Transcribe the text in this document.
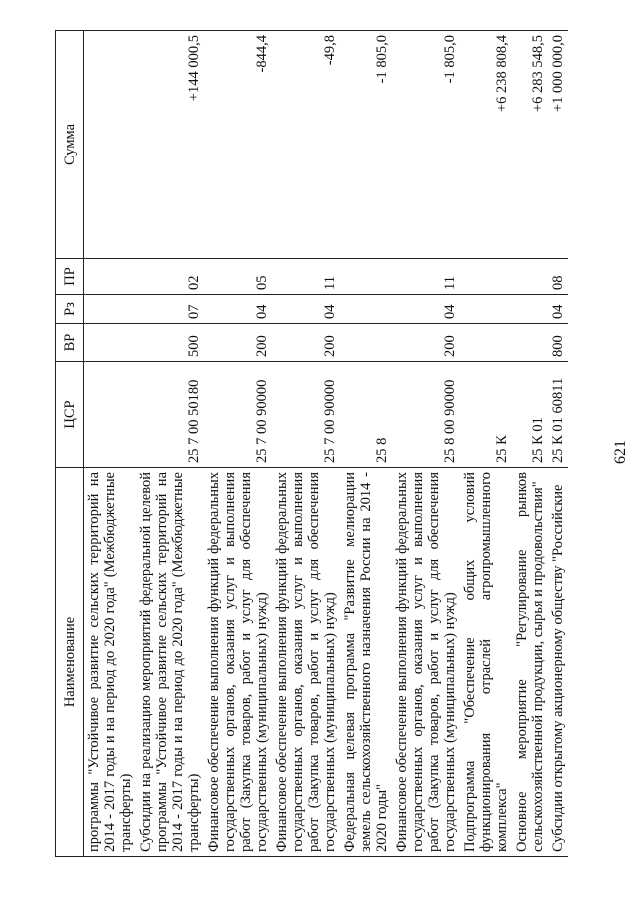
621
Наименование	ЦСР	ВР	Рз	ПР	Сумма
программы "Устойчивое развитие сельских территорий на 2014 - 2017 годы и на период до 2020 года" (Межбюджетные трансферты)					
Субсидии на реализацию мероприятий федеральной целевой программы "Устойчивое развитие сельских территорий на 2014 - 2017 годы и на период до 2020 года" (Межбюджетные трансферты)	25 7 00 50180	500	07	02	+144 000,5
Финансовое обеспечение выполнения функций федеральных государственных органов, оказания услуг и выполнения работ (Закупка товаров, работ и услуг для обеспечения государственных (муниципальных) нужд)	25 7 00 90000	200	04	05	-844,4
Финансовое обеспечение выполнения функций федеральных государственных органов, оказания услуг и выполнения работ (Закупка товаров, работ и услуг для обеспечения государственных (муниципальных) нужд)	25 7 00 90000	200	04	11	-49,8
Федеральная целевая программа "Развитие мелиорации земель сельскохозяйственного назначения России на 2014 - 2020 годы"	25 8				-1 805,0
Финансовое обеспечение выполнения функций федеральных государственных органов, оказания услуг и выполнения работ (Закупка товаров, работ и услуг для обеспечения государственных (муниципальных) нужд)	25 8 00 90000	200	04	11	-1 805,0
Подпрограмма "Обеспечение общих условий функционирования отраслей агропромышленного комплекса"	25 К				+6 238 808,4
Основное мероприятие "Регулирование рынков сельскохозяйственной продукции, сырья и продовольствия"	25 К 01				+6 283 548,5
Субсидии открытому акционерному обществу "Российские	25 К 01 60811	800	04	08	+1 000 000,0
